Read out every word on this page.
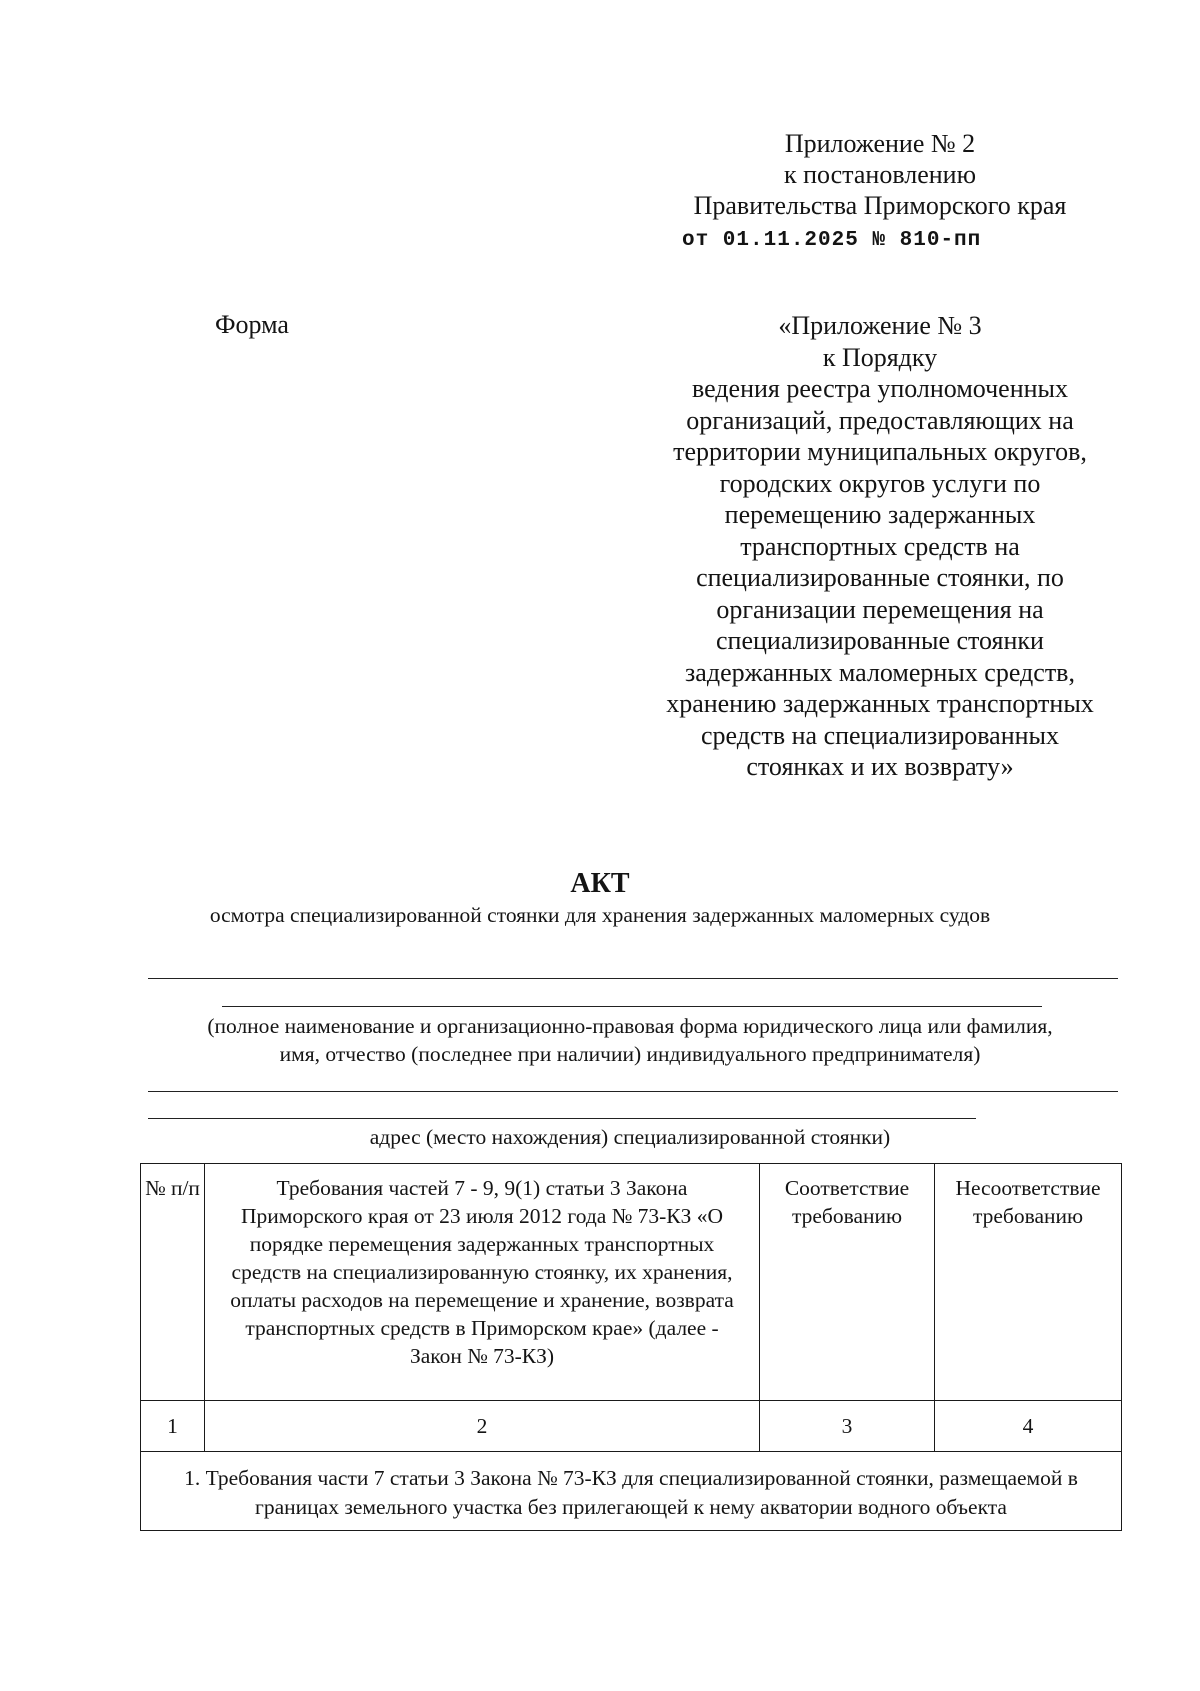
Приложение № 2
к постановлению
Правительства Приморского края
от 01.11.2025 № 810-пп
Форма	«Приложение № 3
к Порядку
ведения реестра уполномоченных
организаций, предоставляющих на
территории муниципальных округов,
городских округов услуги по
перемещению задержанных
транспортных средств на
специализированные стоянки, по
организации перемещения на
специализированные стоянки
задержанных маломерных средств,
хранению задержанных транспортных
средств на специализированных
стоянках и их возврату»
АКТ
осмотра специализированной стоянки для хранения задержанных маломерных судов
(полное наименование и организационно-правовая форма юридического лица или фамилия,
имя, отчество (последнее при наличии) индивидуального предпринимателя)
адрес (место нахождения) специализированной стоянки)
№ п/п	Требования частей 7 - 9, 9(1) статьи 3 Закона Приморского края от 23 июля 2012 года № 73-КЗ «О порядке перемещения задержанных транспортных средств на специализированную стоянку, их хранения, оплаты расходов на перемещение и хранение, возврата транспортных средств в Приморском крае» (далее - Закон № 73-КЗ)	Соответствие требованию	Несоответствие требованию

1	2	3	4
1. Требования части 7 статьи 3 Закона № 73-КЗ для специализированной стоянки, размещаемой в границах земельного участка без прилегающей к нему акватории водного объекта			
